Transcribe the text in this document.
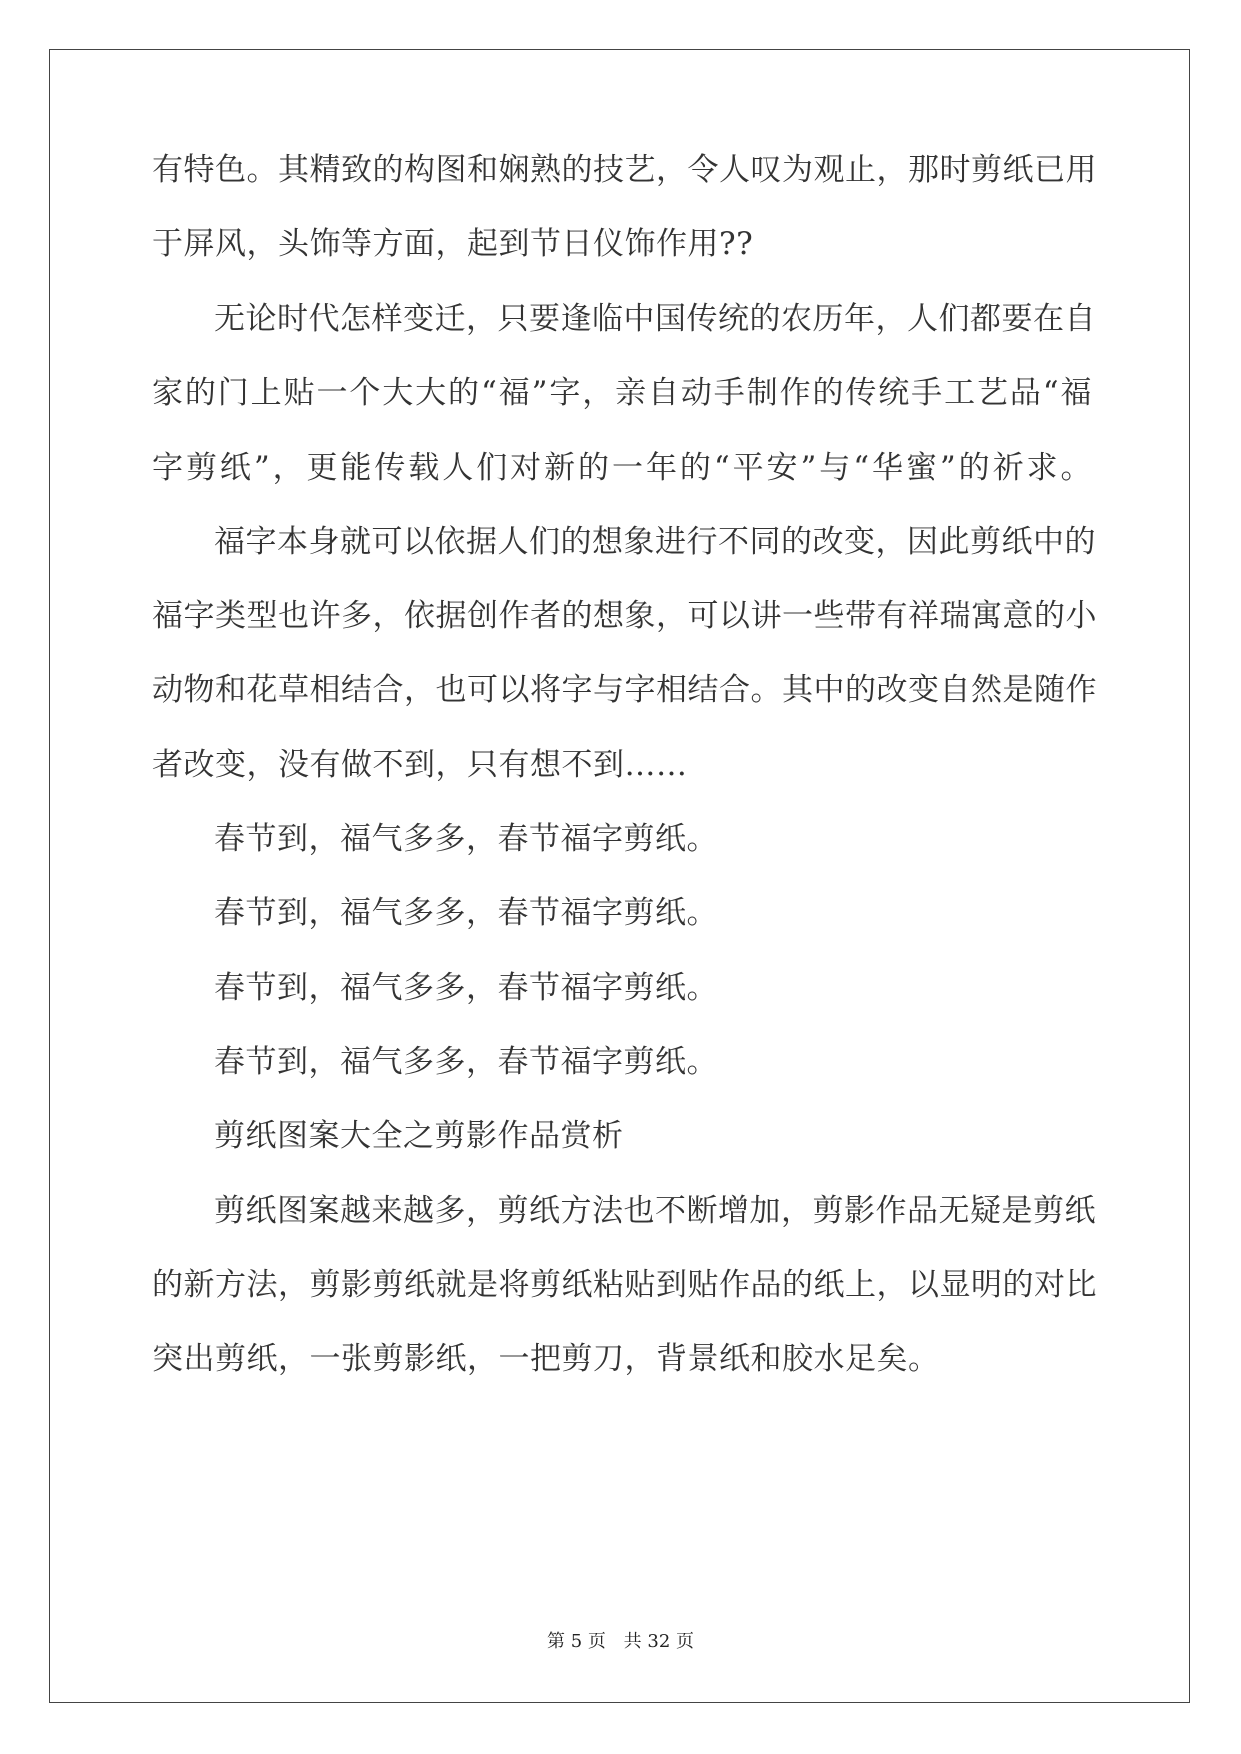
有特色。其精致的构图和娴熟的技艺，令人叹为观止，那时剪纸已用
于屏风，头饰等方面，起到节日仪饰作用??
无论时代怎样变迁，只要逢临中国传统的农历年，人们都要在自
家的门上贴一个大大的“福”字，亲自动手制作的传统手工艺品“福
字剪纸”，更能传载人们对新的一年的“平安”与“华蜜”的祈求。
福字本身就可以依据人们的想象进行不同的改变，因此剪纸中的
福字类型也许多，依据创作者的想象，可以讲一些带有祥瑞寓意的小
动物和花草相结合，也可以将字与字相结合。其中的改变自然是随作
者改变，没有做不到，只有想不到……
春节到，福气多多，春节福字剪纸。
春节到，福气多多，春节福字剪纸。
春节到，福气多多，春节福字剪纸。
春节到，福气多多，春节福字剪纸。
剪纸图案大全之剪影作品赏析
剪纸图案越来越多，剪纸方法也不断增加，剪影作品无疑是剪纸
的新方法，剪影剪纸就是将剪纸粘贴到贴作品的纸上，以显明的对比
突出剪纸，一张剪影纸，一把剪刀，背景纸和胶水足矣。
第 5 页 共 32 页
